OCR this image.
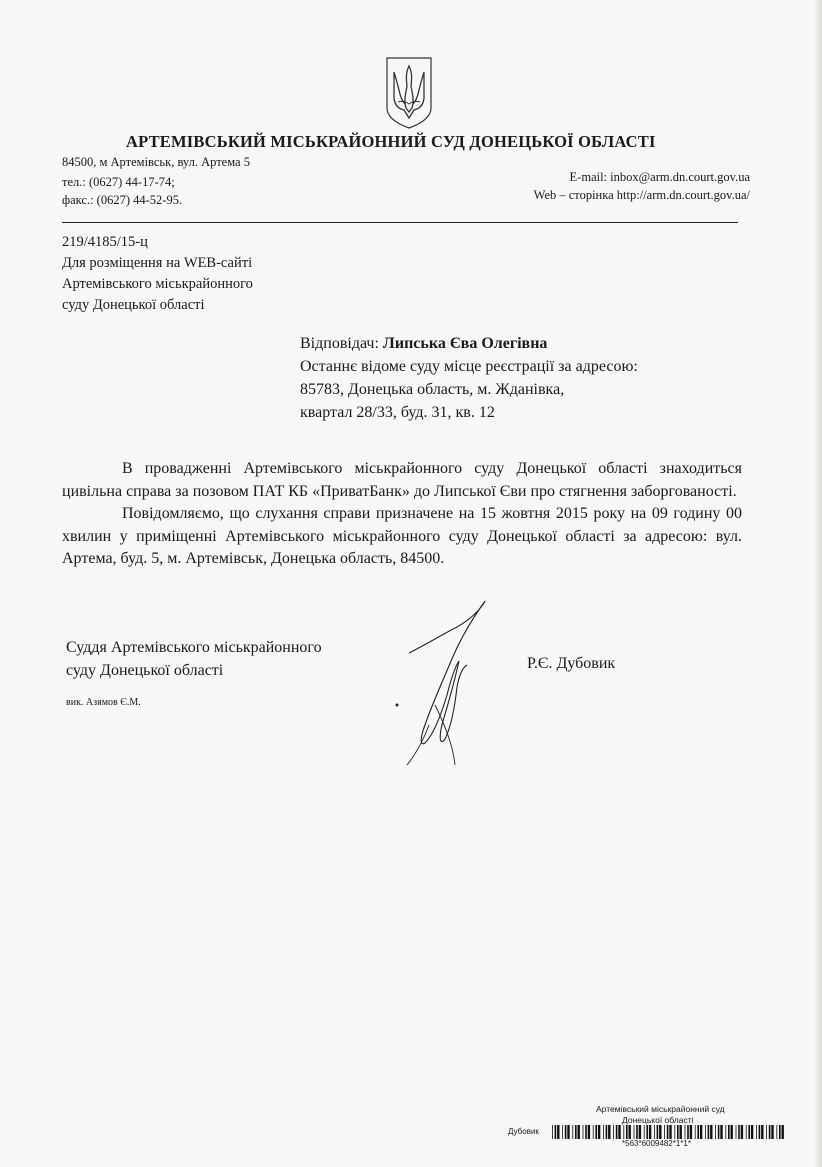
АРТЕМІВСЬКИЙ МІСЬКРАЙОННИЙ СУД ДОНЕЦЬКОЇ ОБЛАСТІ
84500, м Артемівськ, вул. Артема 5
тел.: (0627) 44-17-74;
факс.: (0627) 44-52-95.
E-mail: inbox@arm.dn.court.gov.ua
Web – сторінка http://arm.dn.court.gov.ua/
219/4185/15-ц
Для розміщення на WEB-сайті
Артемівського міськрайонного
суду Донецької області
Відповідач: Липська Єва Олегівна
Останнє відоме суду місце реєстрації за адресою:
85783, Донецька область, м. Жданівка,
квартал 28/33, буд. 31, кв. 12

В провадженні Артемівського міськрайонного суду Донецької області знаходиться цивільна справа за позовом ПАТ КБ «ПриватБанк» до Липської Єви про стягнення заборгованості.

Повідомляємо, що слухання справи призначене на 15 жовтня 2015 року на 09 годину 00 хвилин у приміщенні Артемівського міськрайонного суду Донецької області за адресою: вул. Артема, буд. 5, м. Артемівськ, Донецька область, 84500.

Суддя Артемівського міськрайонного
суду Донецької області	Р.Є. Дубовик
вик. Азямов Є.М.
Артемівський міськрайонний суд
Донецької області
Дубовик
*563*6009482*1*1*
